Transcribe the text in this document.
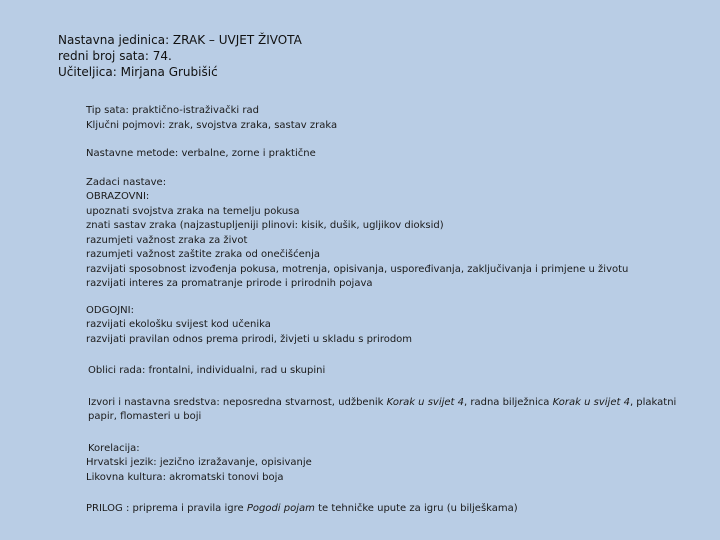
Nastavna jedinica: ZRAK – UVJET ŽIVOTA
redni broj sata: 74.
Učiteljica: Mirjana Grubišić
Tip sata: praktično-istraživački rad
Ključni pojmovi: zrak, svojstva zraka, sastav zraka
Nastavne metode: verbalne, zorne i praktične
Zadaci nastave:
OBRAZOVNI:
upoznati svojstva zraka na temelju pokusa
znati sastav zraka (najzastupljeniji plinovi: kisik, dušik, ugljikov dioksid)
razumjeti važnost zraka za život
razumjeti važnost zaštite zraka od onečišćenja
razvijati sposobnost izvođenja pokusa, motrenja, opisivanja, uspoređivanja, zaključivanja i primjene u životu
razvijati interes za promatranje prirode i prirodnih pojava
ODGOJNI:
razvijati ekološku svijest kod učenika
razvijati pravilan odnos prema prirodi, živjeti u skladu s prirodom
Oblici rada: frontalni, individualni, rad u skupini
Izvori i nastavna sredstva: neposredna stvarnost, udžbenik Korak u svijet 4, radna bilježnica Korak u svijet 4, plakatni papir, flomasteri u boji
Korelacija:
Hrvatski jezik: jezično izražavanje, opisivanje
Likovna kultura: akromatski tonovi boja
PRILOG : priprema i pravila igre Pogodi pojam te tehničke upute za igru (u bilješkama)
